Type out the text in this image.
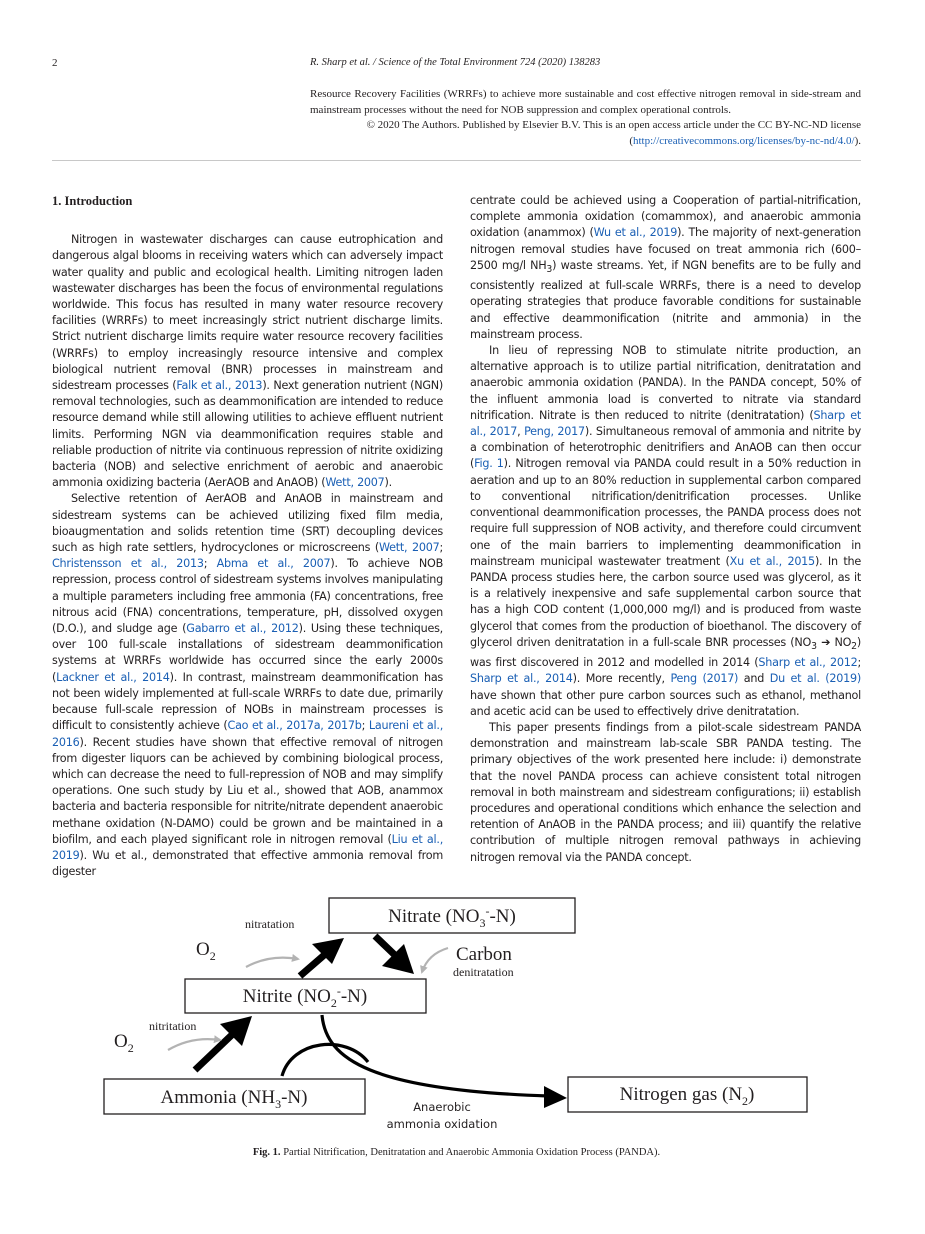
2	R. Sharp et al. / Science of the Total Environment 724 (2020) 138283

Resource Recovery Facilities (WRRFs) to achieve more sustainable and cost effective nitrogen removal in side-stream and mainstream processes without the need for NOB suppression and complex operational controls.

© 2020 The Authors. Published by Elsevier B.V. This is an open access article under the CC BY-NC-ND license (http://creativecommons.org/licenses/by-nc-nd/4.0/).

1. Introduction

Nitrogen in wastewater discharges can cause eutrophication and dangerous algal blooms in receiving waters which can adversely impact water quality and public and ecological health. Limiting nitrogen laden wastewater discharges has been the focus of environmental regulations worldwide. This focus has resulted in many water resource recovery facilities (WRRFs) to meet increasingly strict nutrient discharge limits. Strict nutrient discharge limits require water resource recovery facilities (WRRFs) to employ increasingly resource intensive and complex biological nutrient removal (BNR) processes in mainstream and sidestream processes (Falk et al., 2013). Next generation nutrient (NGN) removal technologies, such as deammonification are intended to reduce resource demand while still allowing utilities to achieve effluent nutrient limits. Performing NGN via deammonification requires stable and reliable production of nitrite via continuous repression of nitrite oxidizing bacteria (NOB) and selective enrichment of aerobic and anaerobic ammonia oxidizing bacteria (AerAOB and AnAOB) (Wett, 2007).

Selective retention of AerAOB and AnAOB in mainstream and sidestream systems can be achieved utilizing fixed film media, bioaugmentation and solids retention time (SRT) decoupling devices such as high rate settlers, hydrocyclones or microscreens (Wett, 2007; Christensson et al., 2013; Abma et al., 2007). To achieve NOB repression, process control of sidestream systems involves manipulating a multiple parameters including free ammonia (FA) concentrations, free nitrous acid (FNA) concentrations, temperature, pH, dissolved oxygen (D.O.), and sludge age (Gabarro et al., 2012). Using these techniques, over 100 full-scale installations of sidestream deammonification systems at WRRFs worldwide has occurred since the early 2000s (Lackner et al., 2014). In contrast, mainstream deammonification has not been widely implemented at full-scale WRRFs to date due, primarily because full-scale repression of NOBs in mainstream processes is difficult to consistently achieve (Cao et al., 2017a, 2017b; Laureni et al., 2016). Recent studies have shown that effective removal of nitrogen from digester liquors can be achieved by combining biological process, which can decrease the need to full-repression of NOB and may simplify operations. One such study by Liu et al., showed that AOB, anammox bacteria and bacteria responsible for nitrite/nitrate dependent anaerobic methane oxidation (N-DAMO) could be grown and be maintained in a biofilm, and each played significant role in nitrogen removal (Liu et al., 2019). Wu et al., demonstrated that effective ammonia removal from digester

centrate could be achieved using a Cooperation of partial-nitrification, complete ammonia oxidation (comammox), and anaerobic ammonia oxidation (anammox) (Wu et al., 2019). The majority of next-generation nitrogen removal studies have focused on treat ammonia rich (600–2500 mg/l $NH_3$) waste streams. Yet, if NGN benefits are to be fully and consistently realized at full-scale WRRFs, there is a need to develop operating strategies that produce favorable conditions for sustainable and effective deammonification (nitrite and ammonia) in the mainstream process.

In lieu of repressing NOB to stimulate nitrite production, an alternative approach is to utilize partial nitrification, denitratation and anaerobic ammonia oxidation (PANDA). In the PANDA concept, 50% of the influent ammonia load is converted to nitrate via standard nitrification. Nitrate is then reduced to nitrite (denitratation) (Sharp et al., 2017, Peng, 2017). Simultaneous removal of ammonia and nitrite by a combination of heterotrophic denitrifiers and AnAOB can then occur (Fig. 1). Nitrogen removal via PANDA could result in a 50% reduction in aeration and up to an 80% reduction in supplemental carbon compared to conventional nitrification/denitrification processes. Unlike conventional deammonification processes, the PANDA process does not require full suppression of NOB activity, and therefore could circumvent one of the main barriers to implementing deammonification in mainstream municipal wastewater treatment (Xu et al., 2015). In the PANDA process studies here, the carbon source used was glycerol, as it is a relatively inexpensive and safe supplemental carbon source that has a high COD content (1,000,000 mg/l) and is produced from waste glycerol that comes from the production of bioethanol. The discovery of glycerol driven denitratation in a full-scale BNR processes ($NO_3$ ➔ $NO_2$) was first discovered in 2012 and modelled in 2014 (Sharp et al., 2012; Sharp et al., 2014). More recently, Peng (2017) and Du et al. (2019) have shown that other pure carbon sources such as ethanol, methanol and acetic acid can be used to effectively drive denitratation.

This paper presents findings from a pilot-scale sidestream PANDA demonstration and mainstream lab-scale SBR PANDA testing. The primary objectives of the work presented here include: i) demonstrate that the novel PANDA process can achieve consistent total nitrogen removal in both mainstream and sidestream configurations; ii) establish procedures and operational conditions which enhance the selection and retention of AnAOB in the PANDA process; and iii) quantify the relative contribution of multiple nitrogen removal pathways in achieving nitrogen removal via the PANDA concept.

Nitrate $(NO_3^--N)$
Nitrite $(NO_2^--N)$
Ammonia $(NH_3-N)$	Nitrogen gas $(N_2)$
nitratation
nitritation
$O_2$
$O_2$
Carbon
denitratation
Anaerobic
ammonia oxidation
Fig. 1. Partial Nitrification, Denitratation and Anaerobic Ammonia Oxidation Process (PANDA).
